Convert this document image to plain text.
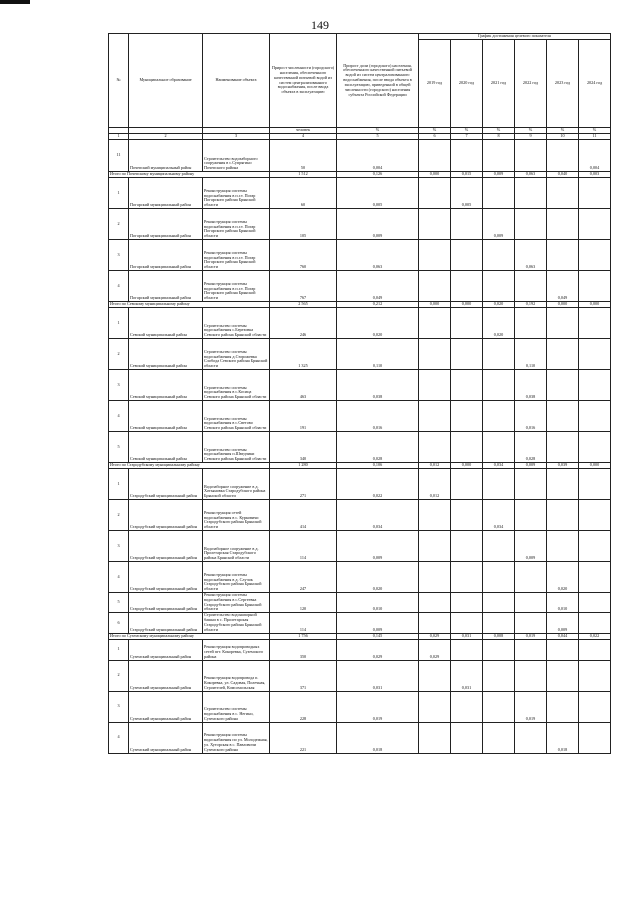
149
№	Муниципальное образование	Наименование объекта	Прирост численности (городского) населения, обеспеченного качественной питьевой водой из систем централизованного водоснабжения, после ввода объекта в эксплуатацию	Прирост доли (городского) населения, обеспеченного качественной питьевой водой из систем централизованного водоснабжения, после ввода объекта в эксплуатацию, приведенной в общей численности (городского) населения субъекта Российской Федерации	График достижения целевого показателя					
					2019 год	2020 год	2021 год	2022 год	2023 год	2024 год
			человек	%	%	%	%	%	%	%
1	2	3	4	5	6	7	8	9	10	11
11	Почепский муниципальный район	Строительство водозаборного сооружения в с.Супрягино Почепского района	50	0,004						0,004
Итого по Почепскому муниципальному району			1 512	0,126	0,000	0,015	0,009	0,063	0,040	0,003
1	Погарский муниципальный район	Реконструкция системы водоснабжения в п.г.т. Погар Погарского района Брянской области	60	0,005		0,005				
2	Погарский муниципальный район	Реконструкция системы водоснабжения в п.г.т. Погар Погарского района Брянской области	105	0,009			0,009			
3	Погарский муниципальный район	Реконструкция системы водоснабжения в п.г.т. Погар Погарского района Брянской области	760	0,063				0,063		
4	Погарский муниципальный район	Реконструкция системы водоснабжения в п.г.т. Погар Погарского района Брянской области	767	0,049					0,049	
Итого по Севскому муниципальному району			2 565	0,212	0,000	0,000	0,020	0,192	0,000	0,000
1	Севский муниципальный район	Строительство системы водоснабжения с.Березовка Севского района Брянской области	246	0,020			0,020			
2	Севский муниципальный район	Строительство системы водоснабжения д.Сторожевка Слобода Севского района Брянской области	1 325	0,110				0,110		
3	Севский муниципальный район	Строительство системы водоснабжения в с.Косица Севского района Брянской области	463	0,038				0,038		
4	Севский муниципальный район	Строительство системы водоснабжения в с.Светово Севского района Брянской области	191	0,016				0,016		
5	Севский муниципальный район	Строительство системы водоснабжения п.Шведчики Севского района Брянской области	340	0,028				0,028		
Итого по Стародубскому муниципальному району			1 280	0,106	0,012	0,000	0,034	0,009	0,039	0,000
1	Стародубский муниципальный район	Водозаборное сооружение в д. Хотьяновка Стародубского района Брянской области	271	0,022	0,012					
2	Стародубский муниципальный район	Реконструкция сетей водоснабжения в с. Курковичи Стародубского района Брянской области	414	0,034			0,034			
3	Стародубский муниципальный район	Водозаборное сооружение в д. Пролетарская Стародубского района Брянской области	114	0,009				0,009		
4	Стародубский муниципальный район	Реконструкция системы водоснабжения в д. Случок Стародубского района Брянской области	247	0,020					0,020	
5	Стародубский муниципальный район	Реконструкция системы водоснабжения в с.Сергеевка Стародубского района Брянской области	120	0,010					0,010	
6	Стародубский муниципальный район	Строительство водонапорной башни в с. Пролетарская Стародубского района Брянской области	114	0,009					0,009	
Итого по Суземскому муниципальному району			1 756	0,145	0,029	0,031	0,008	0,019	0,044	0,022
1	Суземский муниципальный район	Реконструкция водопроводных сетей пгт. Кокоревка, Суземского района	350	0,029	0,029					
2	Суземский муниципальный район	Реконструкция водопровода п. Кокоревка, ул. Садовая, Полечная, Строителей, Комсомольская	371	0,031		0,031				
3	Суземский муниципальный район	Строительство системы водоснабжения в с. Негино, Суземского района	228	0,019				0,019		
4	Суземский муниципальный район	Реконструкция системы водоснабжения по ул. Молодежная, ул. Хуторская в с. Павловичи Суземского района	221	0,018					0,018	
